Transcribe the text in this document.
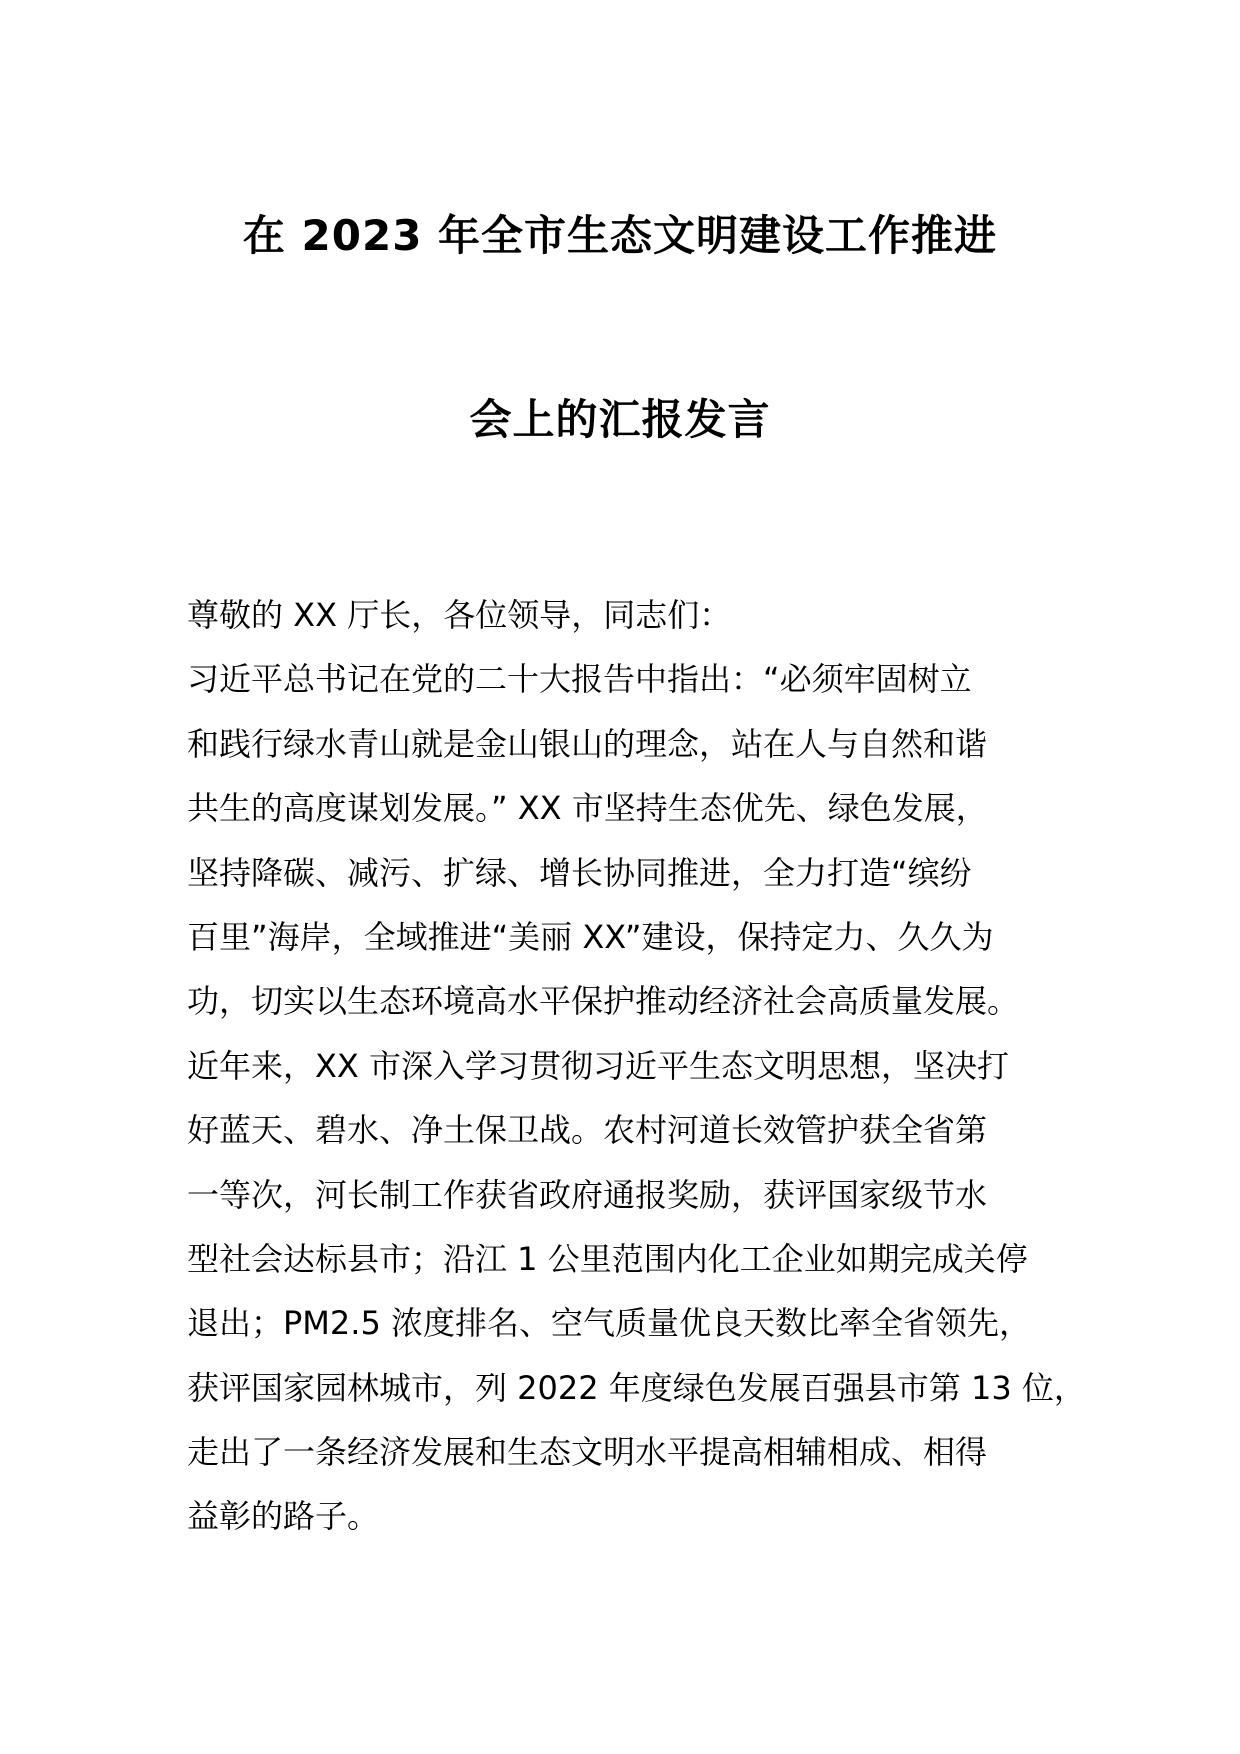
在 2023 年全市生态文明建设工作推进
会上的汇报发言
尊敬的 XX 厅长，各位领导，同志们：
习近平总书记在党的二十大报告中指出：“必须牢固树立
和践行绿水青山就是金山银山的理念，站在人与自然和谐
共生的高度谋划发展。” XX 市坚持生态优先、绿色发展，
坚持降碳、减污、扩绿、增长协同推进，全力打造“缤纷
百里”海岸，全域推进“美丽 XX”建设，保持定力、久久为
功，切实以生态环境高水平保护推动经济社会高质量发展。
近年来，XX 市深入学习贯彻习近平生态文明思想，坚决打
好蓝天、碧水、净土保卫战。农村河道长效管护获全省第
一等次，河长制工作获省政府通报奖励，获评国家级节水
型社会达标县市；沿江 1 公里范围内化工企业如期完成关停
退出；PM2.5 浓度排名、空气质量优良天数比率全省领先，
获评国家园林城市，列 2022 年度绿色发展百强县市第 13 位，
走出了一条经济发展和生态文明水平提高相辅相成、相得
益彰的路子。
